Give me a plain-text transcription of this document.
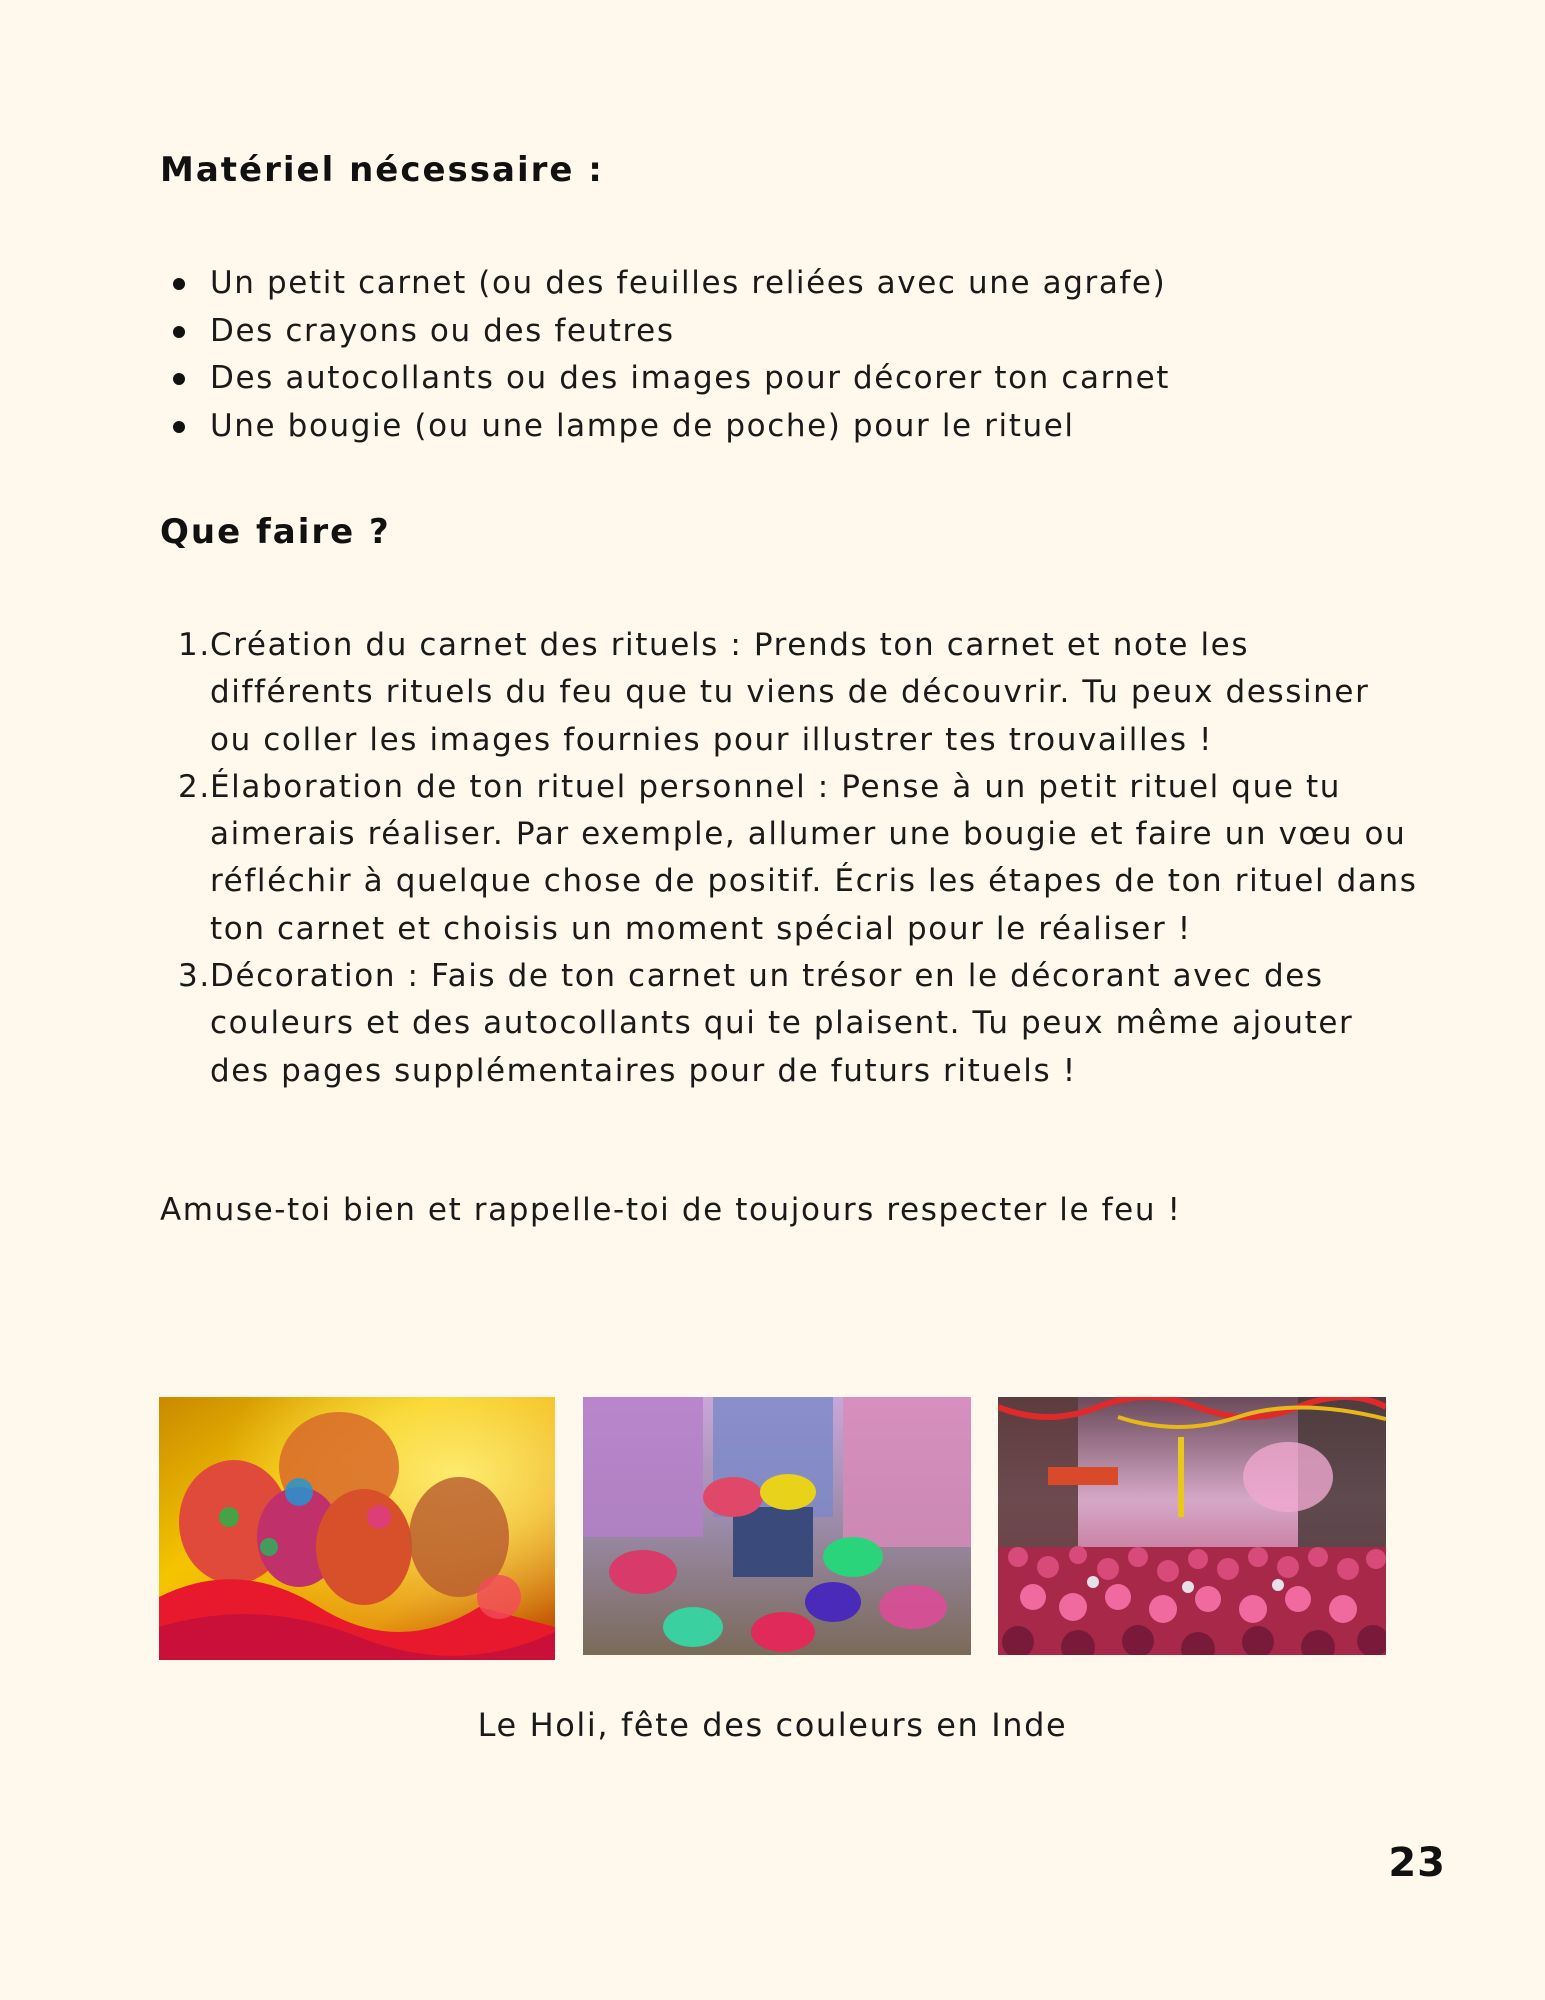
Matériel nécessaire :
Un petit carnet (ou des feuilles reliées avec une agrafe)
Des crayons ou des feutres
Des autocollants ou des images pour décorer ton carnet
Une bougie (ou une lampe de poche) pour le rituel
Que faire ?
1. Création du carnet des rituels : Prends ton carnet et note les différents rituels du feu que tu viens de découvrir. Tu peux dessiner ou coller les images fournies pour illustrer tes trouvailles !
2. Élaboration de ton rituel personnel : Pense à un petit rituel que tu aimerais réaliser. Par exemple, allumer une bougie et faire un vœu ou réfléchir à quelque chose de positif. Écris les étapes de ton rituel dans ton carnet et choisis un moment spécial pour le réaliser !
3. Décoration : Fais de ton carnet un trésor en le décorant avec des couleurs et des autocollants qui te plaisent. Tu peux même ajouter des pages supplémentaires pour de futurs rituels !

Amuse-toi bien et rappelle-toi de toujours respecter le feu !

Le Holi, fête des couleurs en Inde

23
